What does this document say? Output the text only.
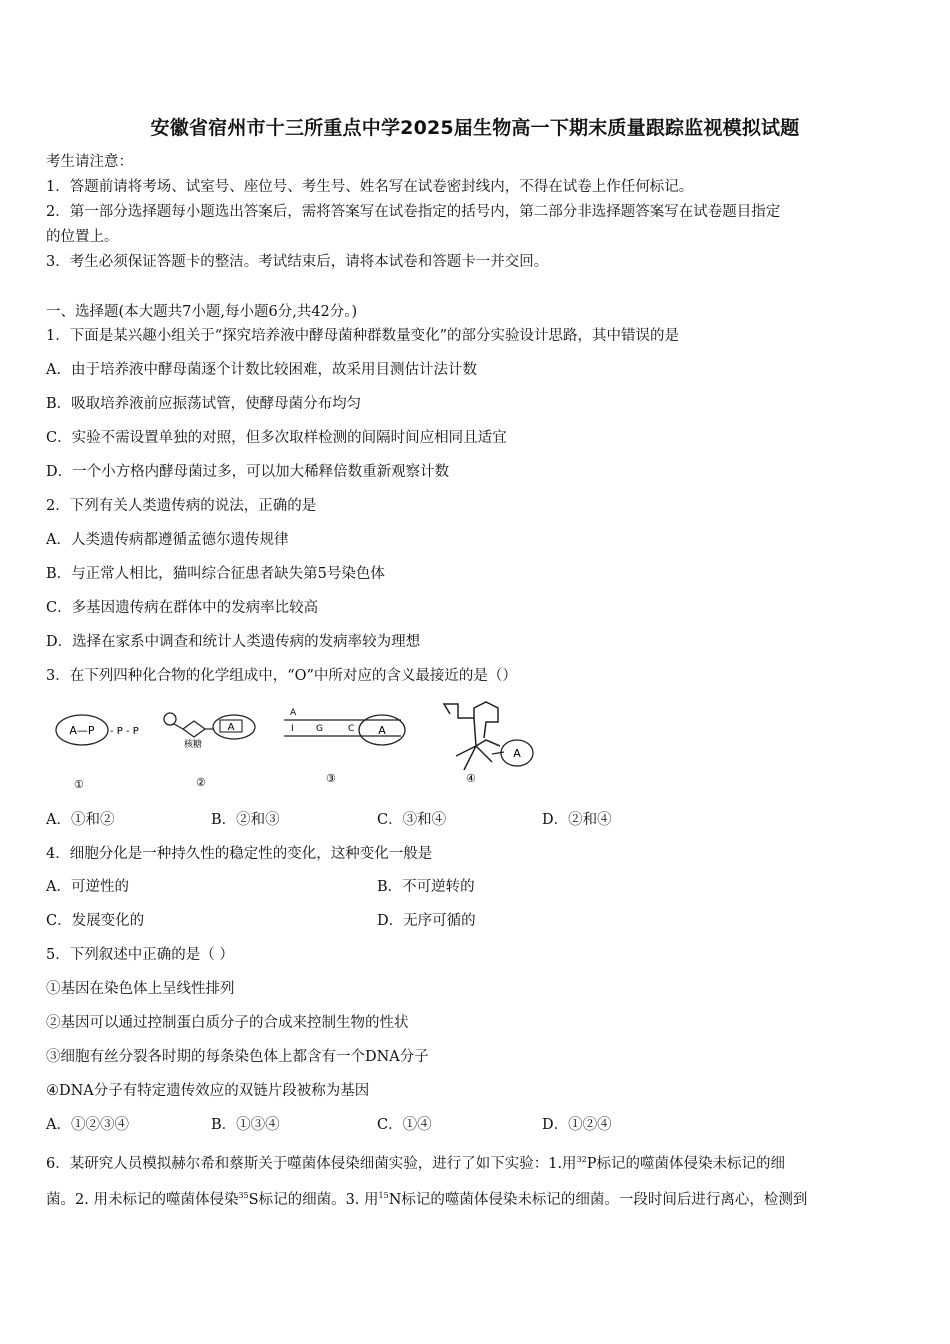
安徽省宿州市十三所重点中学2025届生物高一下期末质量跟踪监视模拟试题
考生请注意：
1．答题前请将考场、试室号、座位号、考生号、姓名写在试卷密封线内，不得在试卷上作任何标记。
2．第一部分选择题每小题选出答案后，需将答案写在试卷指定的括号内，第二部分非选择题答案写在试卷题目指定
的位置上。
3．考生必须保证答题卡的整洁。考试结束后，请将本试卷和答题卡一并交回。
一、选择题(本大题共7小题,每小题6分,共42分。)
1．下面是某兴趣小组关于“探究培养液中酵母菌种群数量变化”的部分实验设计思路，其中错误的是
A．由于培养液中酵母菌逐个计数比较困难，故采用目测估计法计数
B．吸取培养液前应振荡试管，使酵母菌分布均匀
C．实验不需设置单独的对照，但多次取样检测的间隔时间应相同且适宜
D．一个小方格内酵母菌过多，可以加大稀释倍数重新观察计数
2．下列有关人类遗传病的说法，正确的是
A．人类遗传病都遵循孟德尔遗传规律
B．与正常人相比，猫叫综合征患者缺失第5号染色体
C．多基因遗传病在群体中的发病率比较高
D．选择在家系中调查和统计人类遗传病的发病率较为理想
3．在下列四种化合物的化学组成中，“O”中所对应的含义最接近的是（）
A—P - P - P
①
A
核糖
②
A
I G	C A
③
A
④
A．①和②	B．②和③	C．③和④	D．②和④
4．细胞分化是一种持久性的稳定性的变化，这种变化一般是
A．可逆性的	B．不可逆转的
C．发展变化的	D．无序可循的
5．下列叙述中正确的是（ ）
①基因在染色体上呈线性排列
②基因可以通过控制蛋白质分子的合成来控制生物的性状
③细胞有丝分裂各时期的每条染色体上都含有一个DNA分子
④DNA分子有特定遗传效应的双链片段被称为基因
A．①②③④	B．①③④	C．①④	D．①②④
6．某研究人员模拟赫尔希和蔡斯关于噬菌体侵染细菌实验，进行了如下实验：1.用$^{32}$P标记的噬菌体侵染未标记的细
菌。2. 用未标记的噬菌体侵染$^{35}$S标记的细菌。3. 用$^{15}$N标记的噬菌体侵染未标记的细菌。一段时间后进行离心，检测到
